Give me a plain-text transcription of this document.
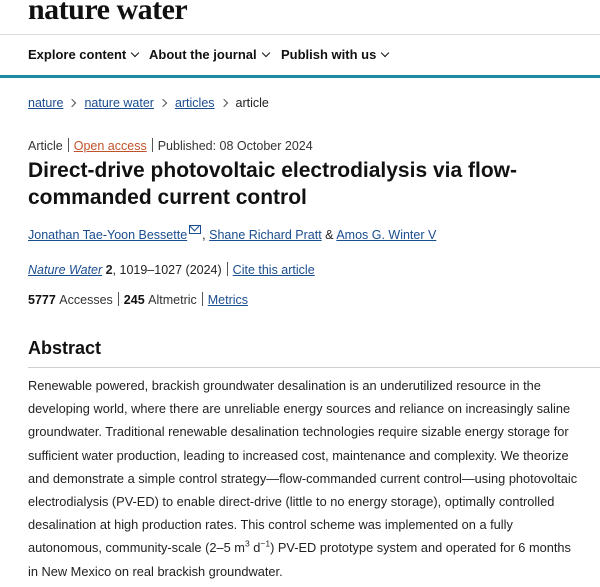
nature water
Explore content	About the journal	Publish with us
nature nature water articles article
Article Open access Published: 08 October 2024
Direct-drive photovoltaic electrodialysis via flow-commanded current control
Jonathan Tae-Yoon Bessette , Shane Richard Pratt & Amos G. Winter V
Nature Water 2, 1019–1027 (2024) Cite this article
5777 Accesses 245 Altmetric Metrics
Abstract

Renewable powered, brackish groundwater desalination is an underutilized resource in the developing world, where there are unreliable energy sources and reliance on increasingly saline groundwater. Traditional renewable desalination technologies require sizable energy storage for sufficient water production, leading to increased cost, maintenance and complexity. We theorize and demonstrate a simple control strategy—flow-commanded current control—using photovoltaic electrodialysis (PV-ED) to enable direct-drive (little to no energy storage), optimally controlled desalination at high production rates. This control scheme was implemented on a fully autonomous, community-scale (2–5 $m^3$ $d^{-1}$) PV-ED prototype system and operated for 6 months in New Mexico on real brackish groundwater.
